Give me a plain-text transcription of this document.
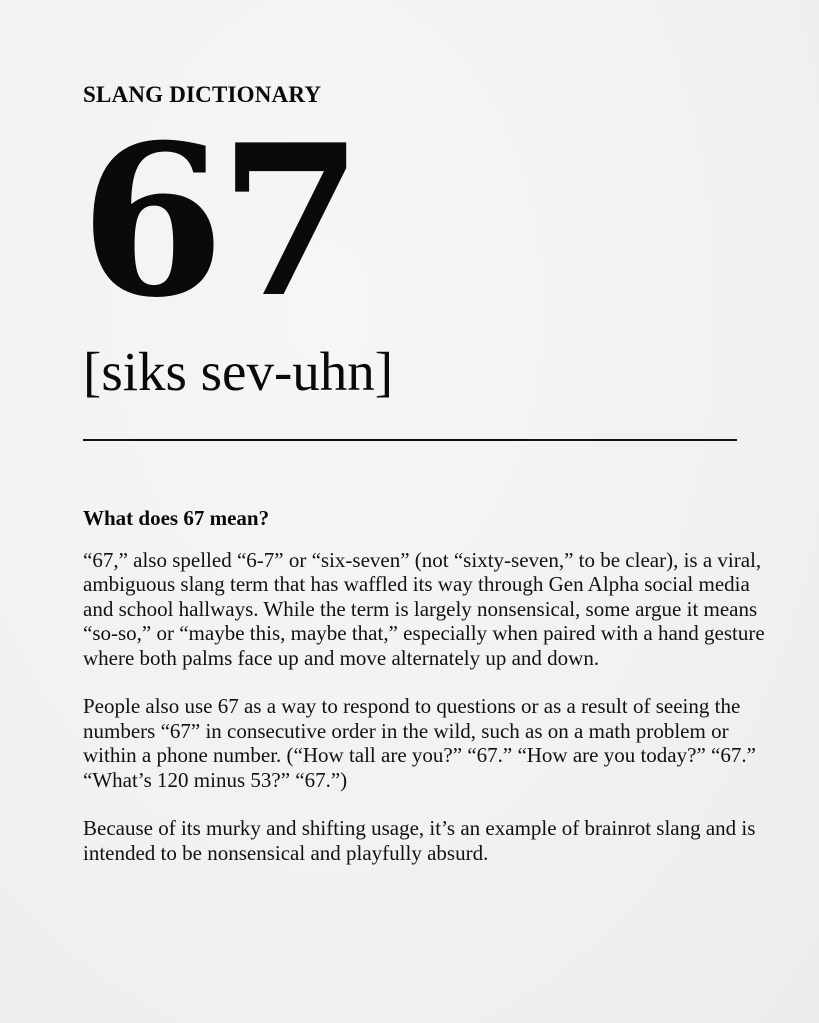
SLANG DICTIONARY
67
[siks sev-uhn]
What does 67 mean?

“67,” also spelled “6-7” or “six-seven” (not “sixty-seven,” to be clear), is a viral, ambiguous slang term that has waffled its way through Gen Alpha social media and school hallways. While the term is largely nonsensical, some argue it means “so-so,” or “maybe this, maybe that,” especially when paired with a hand gesture where both palms face up and move alternately up and down.

People also use 67 as a way to respond to questions or as a result of seeing the numbers “67” in consecutive order in the wild, such as on a math problem or within a phone number. (“How tall are you?” “67.” “How are you today?” “67.” “What’s 120 minus 53?” “67.”)

Because of its murky and shifting usage, it’s an example of brainrot slang and is intended to be nonsensical and playfully absurd.
